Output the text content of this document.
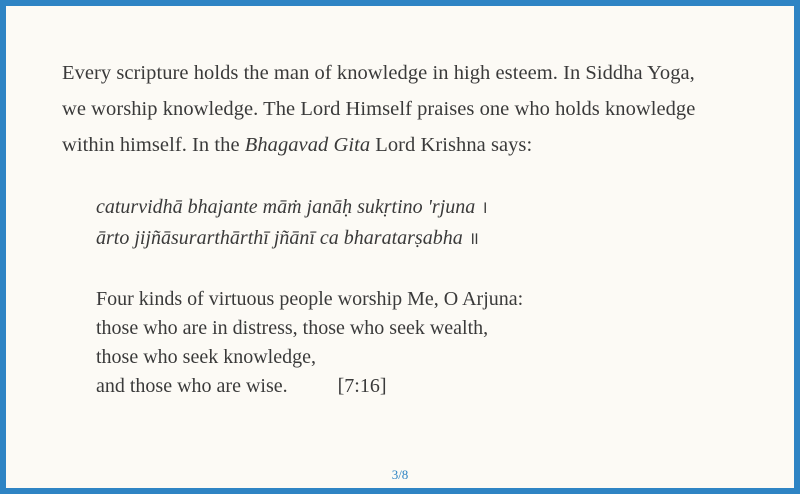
Every scripture holds the man of knowledge in high esteem. In Siddha Yoga,
we worship knowledge. The Lord Himself praises one who holds knowledge
within himself. In the Bhagavad Gita Lord Krishna says:

caturvidhā bhajante māṁ janāḥ sukṛtino 'rjuna ।
ārto jijñāsurarthārthī jñānī ca bharatarṣabha ॥
Four kinds of virtuous people worship Me, O Arjuna:
those who are in distress, those who seek wealth,
those who seek knowledge,
and those who are wise.	[7:16]
3/8
